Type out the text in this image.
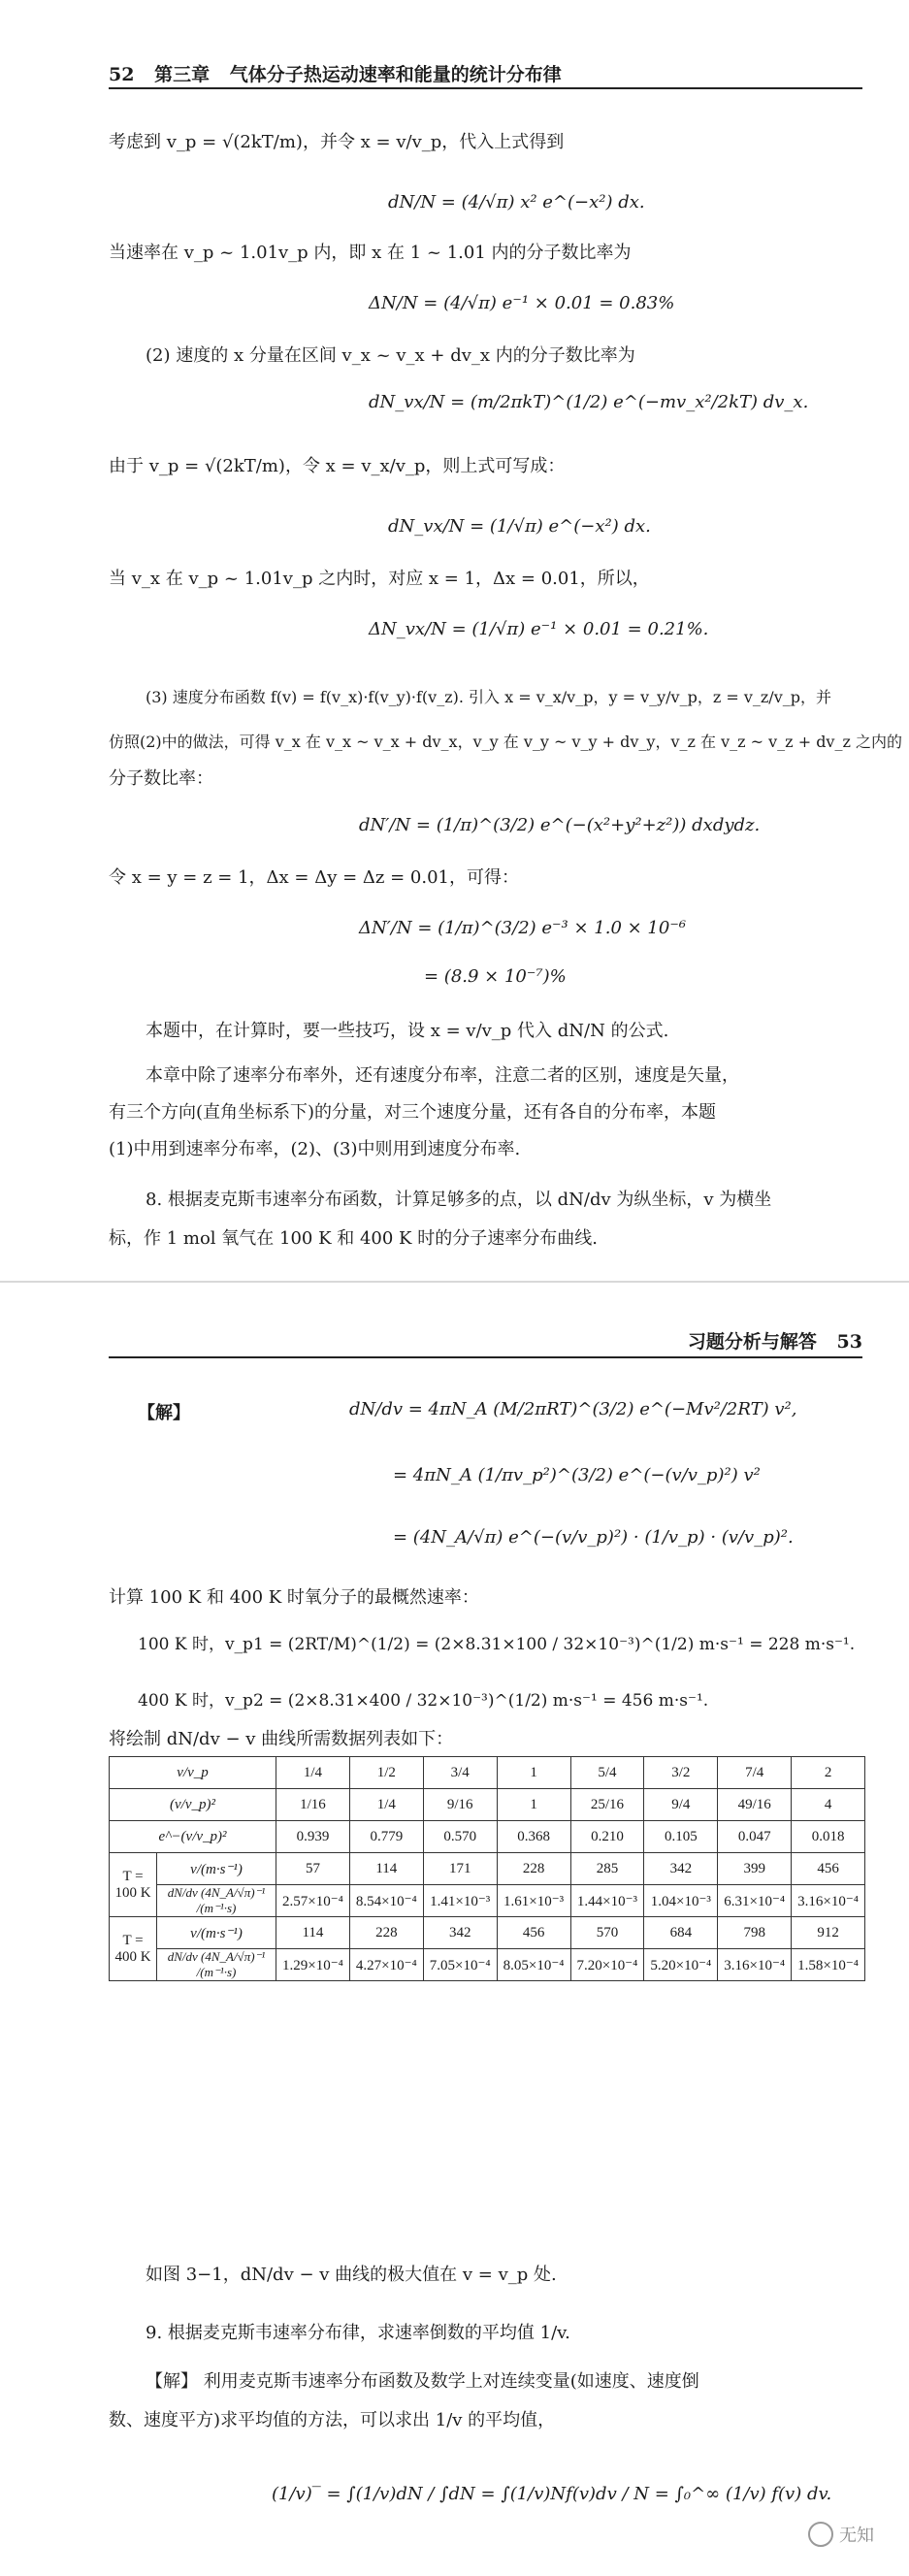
52 第三章 气体分子热运动速率和能量的统计分布律
考虑到 v_p = √(2kT/m)，并令 x = v/v_p，代入上式得到
dN/N = (4/√π) x² e^(−x²) dx.
当速率在 v_p ~ 1.01v_p 内，即 x 在 1 ~ 1.01 内的分子数比率为
ΔN/N = (4/√π) e⁻¹ × 0.01 = 0.83%
(2) 速度的 x 分量在区间 v_x ~ v_x + dv_x 内的分子数比率为
dN_vx/N = (m/2πkT)^(1/2) e^(−mv_x²/2kT) dv_x.
由于 v_p = √(2kT/m)，令 x = v_x/v_p，则上式可写成：
dN_vx/N = (1/√π) e^(−x²) dx.
当 v_x 在 v_p ~ 1.01v_p 之内时，对应 x = 1，Δx = 0.01，所以，
ΔN_vx/N = (1/√π) e⁻¹ × 0.01 = 0.21%.
(3) 速度分布函数 f(v) = f(v_x)·f(v_y)·f(v_z). 引入 x = v_x/v_p，y = v_y/v_p，z = v_z/v_p，并
仿照(2)中的做法，可得 v_x 在 v_x ~ v_x + dv_x，v_y 在 v_y ~ v_y + dv_y，v_z 在 v_z ~ v_z + dv_z 之内的
分子数比率：
dN′/N = (1/π)^(3/2) e^(−(x²+y²+z²)) dxdydz.
令 x = y = z = 1，Δx = Δy = Δz = 0.01，可得：
ΔN′/N = (1/π)^(3/2) e⁻³ × 1.0 × 10⁻⁶
= (8.9 × 10⁻⁷)%
本题中，在计算时，要一些技巧，设 x = v/v_p 代入 dN/N 的公式.
本章中除了速率分布率外，还有速度分布率，注意二者的区别，速度是矢量，
有三个方向(直角坐标系下)的分量，对三个速度分量，还有各自的分布率，本题
(1)中用到速率分布率，(2)、(3)中则用到速度分布率.
8. 根据麦克斯韦速率分布函数，计算足够多的点，以 dN/dv 为纵坐标，v 为横坐
标，作 1 mol 氧气在 100 K 和 400 K 时的分子速率分布曲线.
习题分析与解答 53
【解】	dN/dv = 4πN_A (M/2πRT)^(3/2) e^(−Mv²/2RT) v²,
= 4πN_A (1/πv_p²)^(3/2) e^(−(v/v_p)²) v²
= (4N_A/√π) e^(−(v/v_p)²) · (1/v_p) · (v/v_p)².
计算 100 K 和 400 K 时氧分子的最概然速率：
100 K 时，v_p1 = (2RT/M)^(1/2) = (2×8.31×100 / 32×10⁻³)^(1/2) m·s⁻¹ = 228 m·s⁻¹.
400 K 时，v_p2 = (2×8.31×400 / 32×10⁻³)^(1/2) m·s⁻¹ = 456 m·s⁻¹.
将绘制 dN/dv − v 曲线所需数据列表如下：
v/v_p		1/4	1/2	3/4	1	5/4	3/2	7/4	2
(v/v_p)²		1/16	1/4	9/16	1	25/16	9/4	49/16	4
e^−(v/v_p)²		0.939	0.779	0.570	0.368	0.210	0.105	0.047	0.018
T = 100 K	v/(m·s⁻¹)	57	114	171	228	285	342	399	456
	dN/dv (4N_A/√π)⁻¹ /(m⁻¹·s)	2.57×10⁻⁴	8.54×10⁻⁴	1.41×10⁻³	1.61×10⁻³	1.44×10⁻³	1.04×10⁻³	6.31×10⁻⁴	3.16×10⁻⁴
T = 400 K	v/(m·s⁻¹)	114	228	342	456	570	684	798	912
	dN/dv (4N_A/√π)⁻¹ /(m⁻¹·s)	1.29×10⁻⁴	4.27×10⁻⁴	7.05×10⁻⁴	8.05×10⁻⁴	7.20×10⁻⁴	5.20×10⁻⁴	3.16×10⁻⁴	1.58×10⁻⁴
如图 3−1，dN/dv − v 曲线的极大值在 v = v_p 处.
9. 根据麦克斯韦速率分布律，求速率倒数的平均值 1/v.
【解】 利用麦克斯韦速率分布函数及数学上对连续变量(如速度、速度倒
数、速度平方)求平均值的方法，可以求出 1/v 的平均值，
(1/v)‾ = ∫(1/v)dN / ∫dN = ∫(1/v)Nf(v)dv / N = ∫₀^∞ (1/v) f(v) dv.
无知
